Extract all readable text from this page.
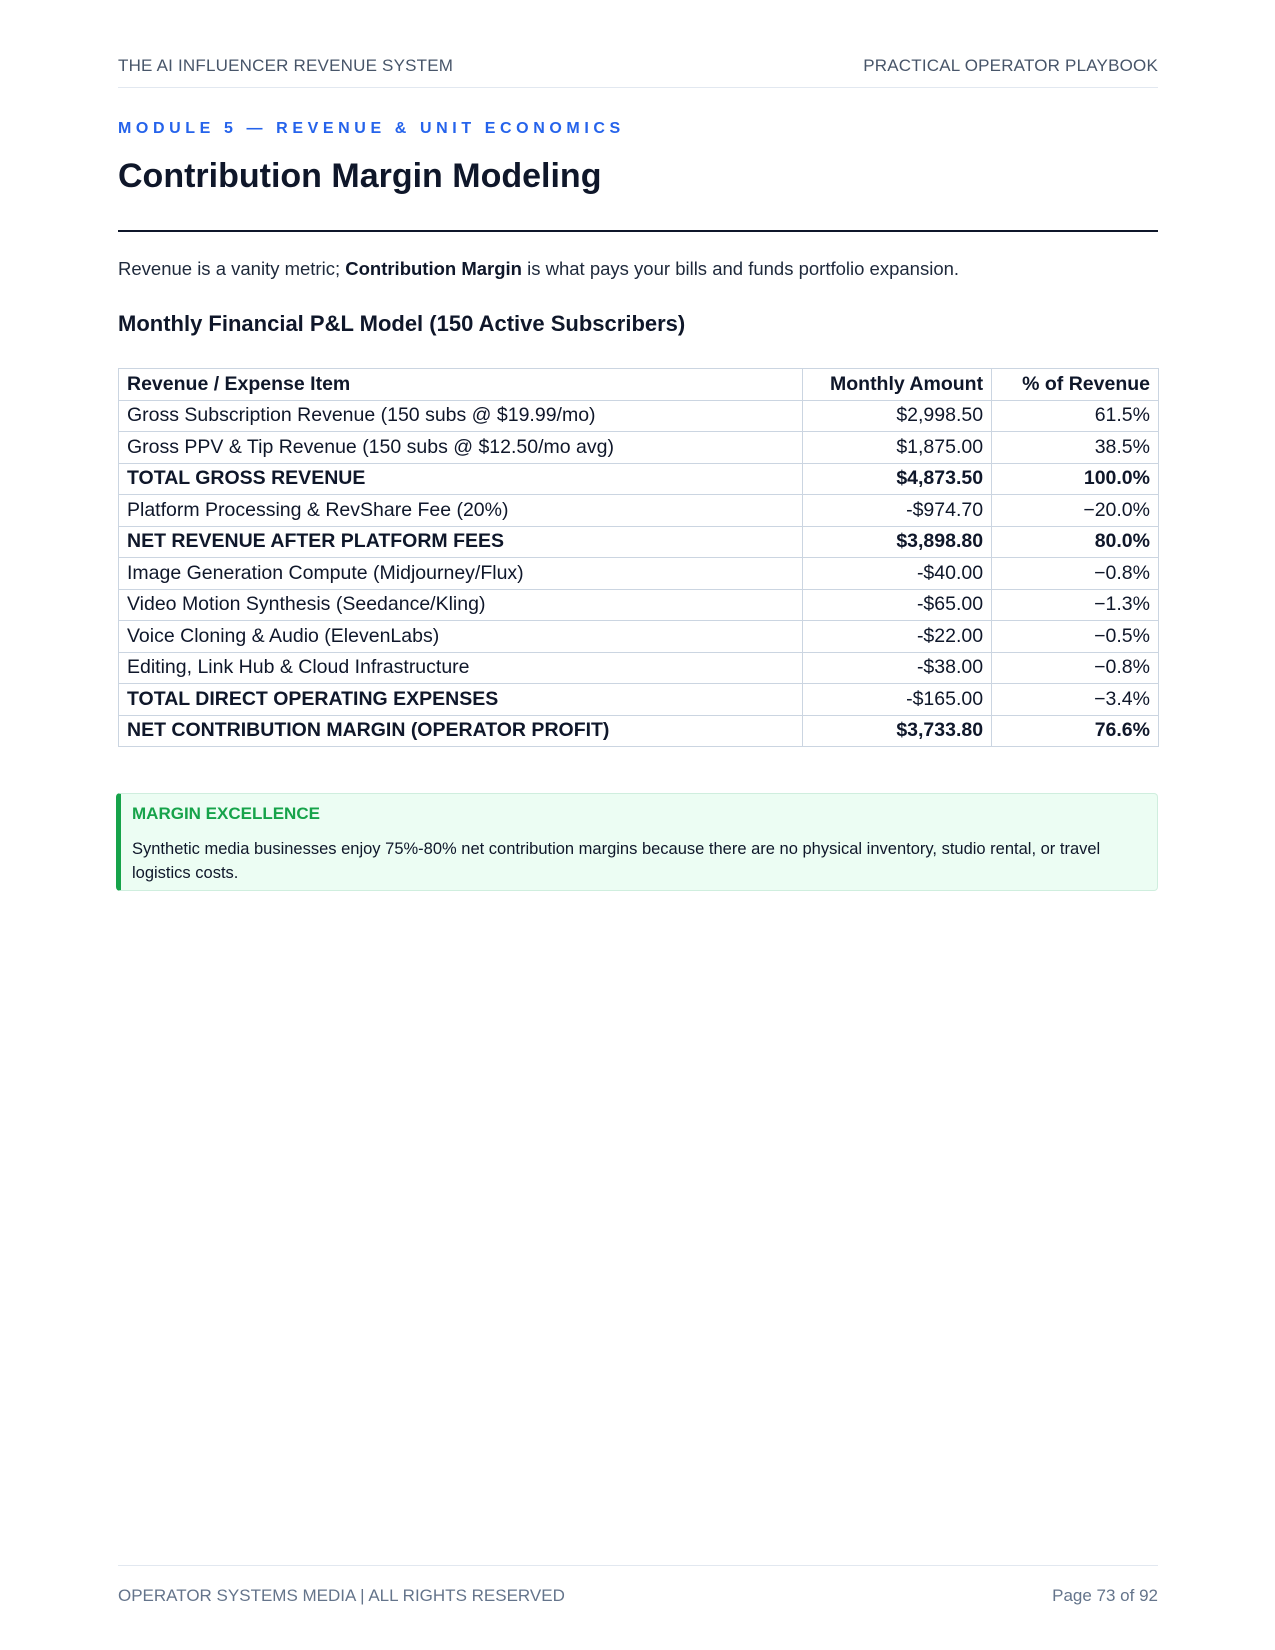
THE AI INFLUENCER REVENUE SYSTEM	PRACTICAL OPERATOR PLAYBOOK
MODULE 5 — REVENUE & UNIT ECONOMICS
Contribution Margin Modeling

Revenue is a vanity metric; Contribution Margin is what pays your bills and funds portfolio expansion.

Monthly Financial P&L Model (150 Active Subscribers)
Revenue / Expense Item	Monthly Amount	% of Revenue
Gross Subscription Revenue (150 subs @ $19.99/mo)	$2,998.50	61.5%
Gross PPV & Tip Revenue (150 subs @ $12.50/mo avg)	$1,875.00	38.5%
TOTAL GROSS REVENUE	$4,873.50	100.0%
Platform Processing & RevShare Fee (20%)	-$974.70	−20.0%
NET REVENUE AFTER PLATFORM FEES	$3,898.80	80.0%
Image Generation Compute (Midjourney/Flux)	-$40.00	−0.8%
Video Motion Synthesis (Seedance/Kling)	-$65.00	−1.3%
Voice Cloning & Audio (ElevenLabs)	-$22.00	−0.5%
Editing, Link Hub & Cloud Infrastructure	-$38.00	−0.8%
TOTAL DIRECT OPERATING EXPENSES	-$165.00	−3.4%
NET CONTRIBUTION MARGIN (OPERATOR PROFIT)	$3,733.80	76.6%

MARGIN EXCELLENCE

Synthetic media businesses enjoy 75%-80% net contribution margins because there are no physical inventory, studio rental, or travel logistics costs.

OPERATOR SYSTEMS MEDIA | ALL RIGHTS RESERVED	Page 73 of 92
